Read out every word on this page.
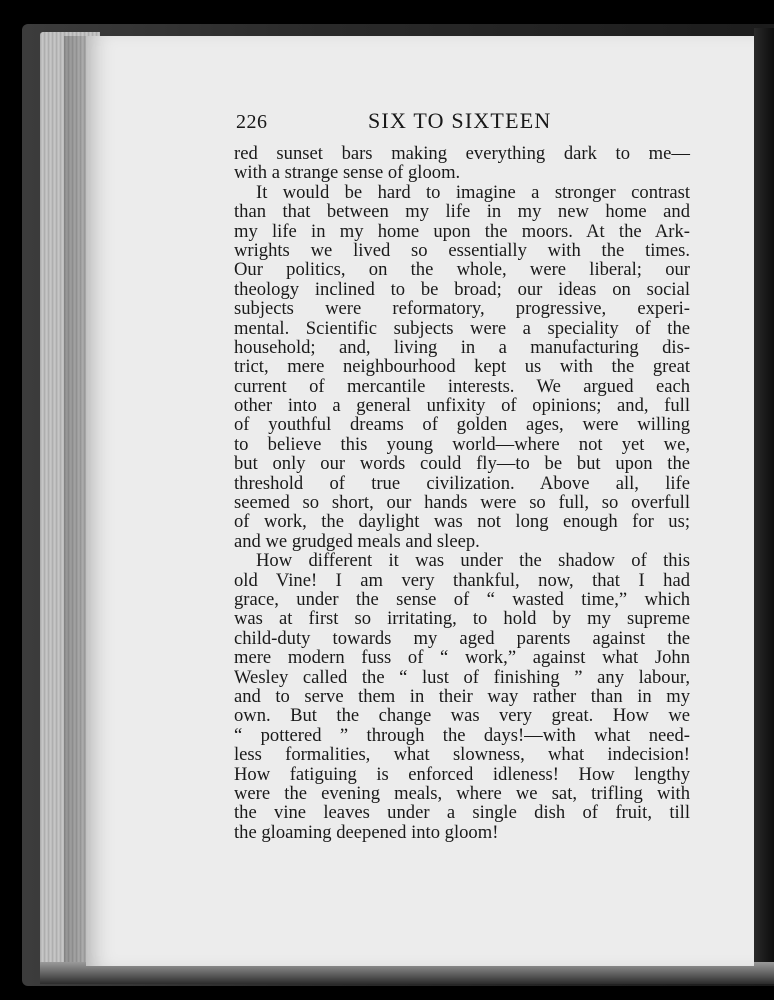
226	SIX TO SIXTEEN
red sunset bars making everything dark to me—
with a strange sense of gloom.
It would be hard to imagine a stronger contrast
than that between my life in my new home and
my life in my home upon the moors. At the Ark-
wrights we lived so essentially with the times.
Our politics, on the whole, were liberal; our
theology inclined to be broad; our ideas on social
subjects were reformatory, progressive, experi-
mental. Scientific subjects were a speciality of the
household; and, living in a manufacturing dis-
trict, mere neighbourhood kept us with the great
current of mercantile interests. We argued each
other into a general unfixity of opinions; and, full
of youthful dreams of golden ages, were willing
to believe this young world—where not yet we,
but only our words could fly—to be but upon the
threshold of true civilization. Above all, life
seemed so short, our hands were so full, so overfull
of work, the daylight was not long enough for us;
and we grudged meals and sleep.
How different it was under the shadow of this
old Vine! I am very thankful, now, that I had
grace, under the sense of “ wasted time,” which
was at first so irritating, to hold by my supreme
child-duty towards my aged parents against the
mere modern fuss of “ work,” against what John
Wesley called the “ lust of finishing ” any labour,
and to serve them in their way rather than in my
own. But the change was very great. How we
“ pottered ” through the days!—with what need-
less formalities, what slowness, what indecision!
How fatiguing is enforced idleness! How lengthy
were the evening meals, where we sat, trifling with
the vine leaves under a single dish of fruit, till
the gloaming deepened into gloom!
